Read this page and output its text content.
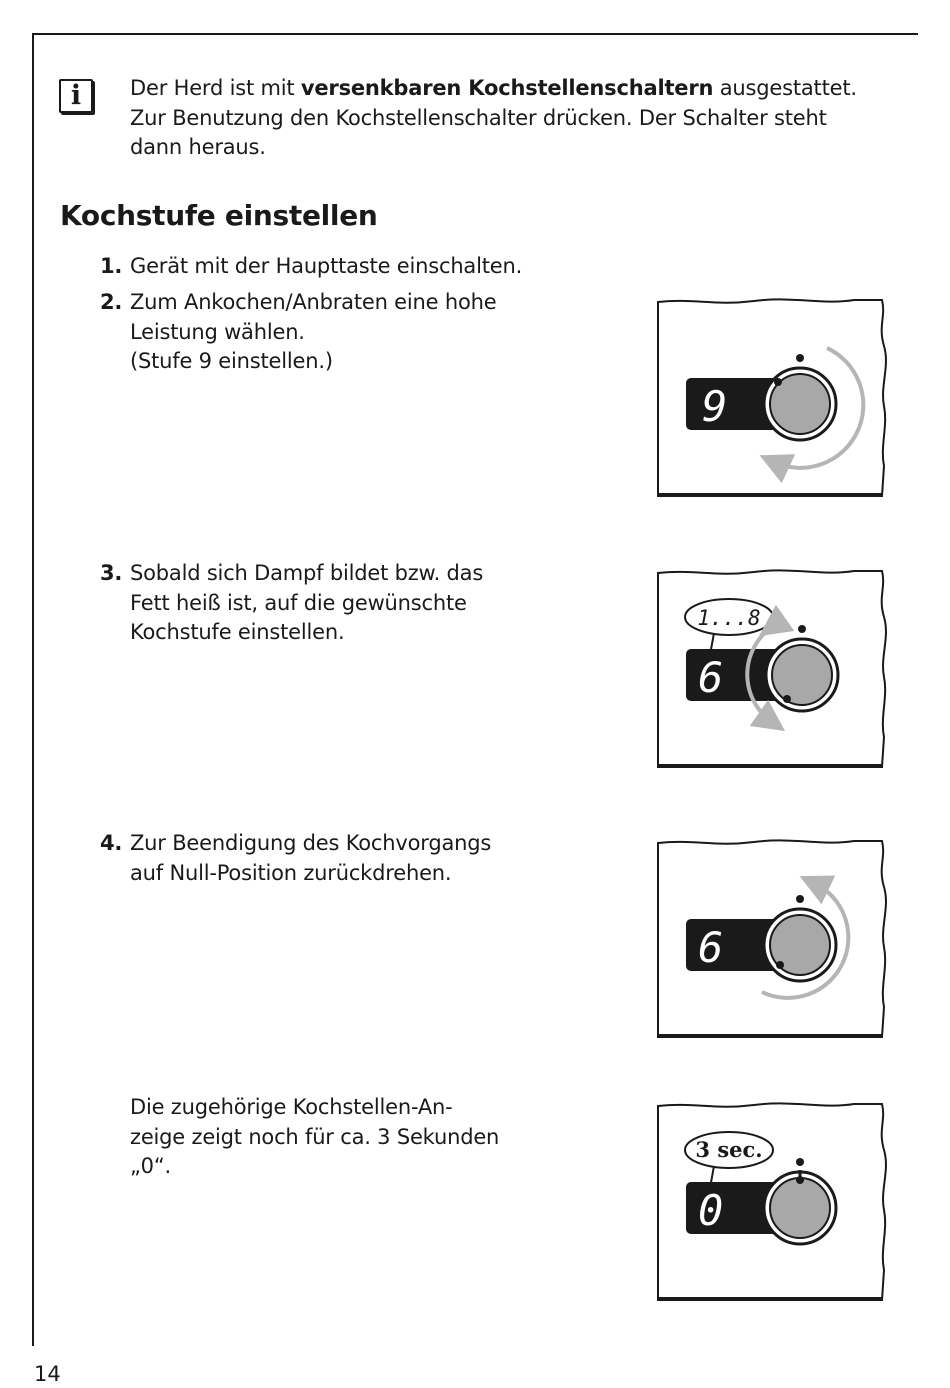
i	Der Herd ist mit versenkbaren Kochstellenschaltern ausgestattet.
Zur Benutzung den Kochstellenschalter drücken. Der Schalter steht
dann heraus.
Kochstufe einstellen
1. Gerät mit der Haupttaste einschalten.
2. Zum Ankochen/Anbraten eine hohe
Leistung wählen.
(Stufe 9 einstellen.)
3. Sobald sich Dampf bildet bzw. das
Fett heiß ist, auf die gewünschte
Kochstufe einstellen.
4. Zur Beendigung des Kochvorgangs
auf Null-Position zurückdrehen.
Die zugehörige Kochstellen-An-
zeige zeigt noch für ca. 3 Sekunden
„0“.
9
6
1...8
6
0
3 sec.
14
